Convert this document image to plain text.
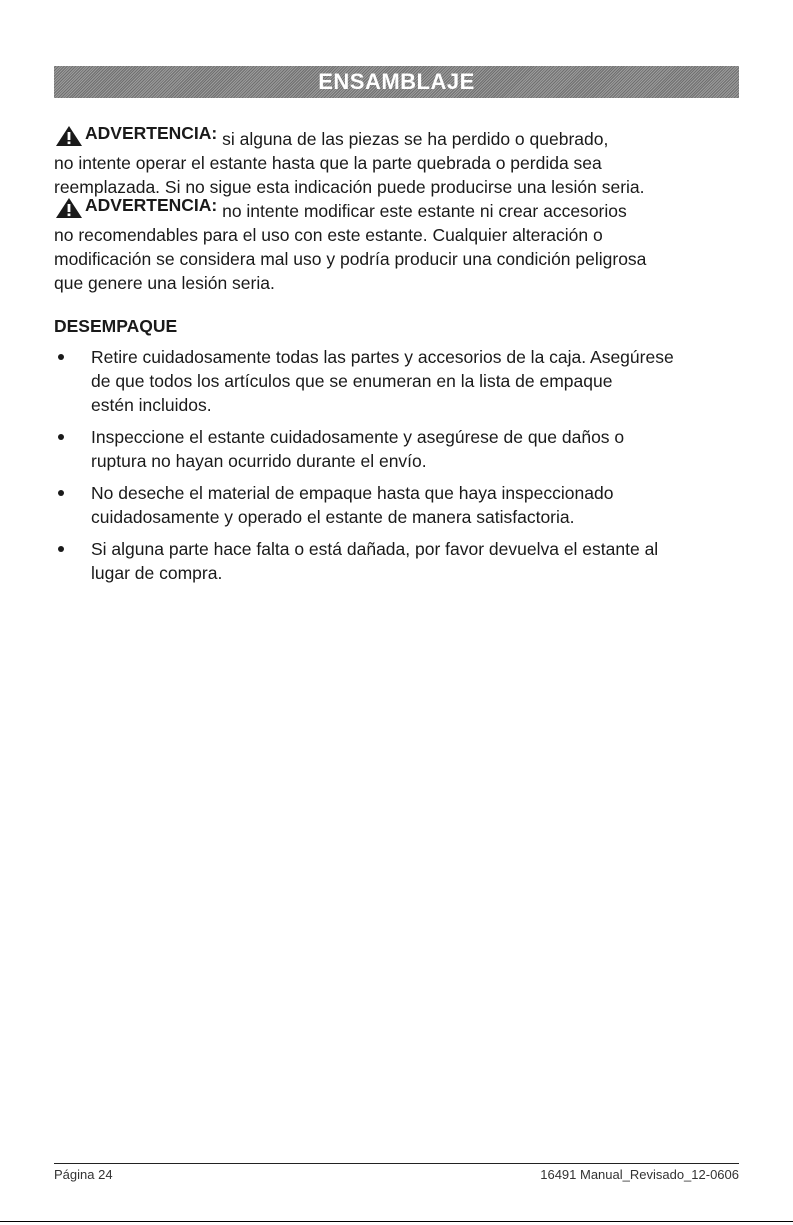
ENSAMBLAJE
ADVERTENCIA: si alguna de las piezas se ha perdido o quebrado,
no intente operar el estante hasta que la parte quebrada o perdida sea
reemplazada. Si no sigue esta indicación puede producirse una lesión seria.
ADVERTENCIA: no intente modificar este estante ni crear accesorios
no recomendables para el uso con este estante. Cualquier alteración o
modificación se considera mal uso y podría producir una condición peligrosa
que genere una lesión seria.
DESEMPAQUE
Retire cuidadosamente todas las partes y accesorios de la caja. Asegúrese
de que todos los artículos que se enumeran en la lista de empaque
estén incluidos.
Inspeccione el estante cuidadosamente y asegúrese de que daños o
ruptura no hayan ocurrido durante el envío.
No deseche el material de empaque hasta que haya inspeccionado
cuidadosamente y operado el estante de manera satisfactoria.
Si alguna parte hace falta o está dañada, por favor devuelva el estante al
lugar de compra.
Página 24	16491 Manual_Revisado_12-0606
